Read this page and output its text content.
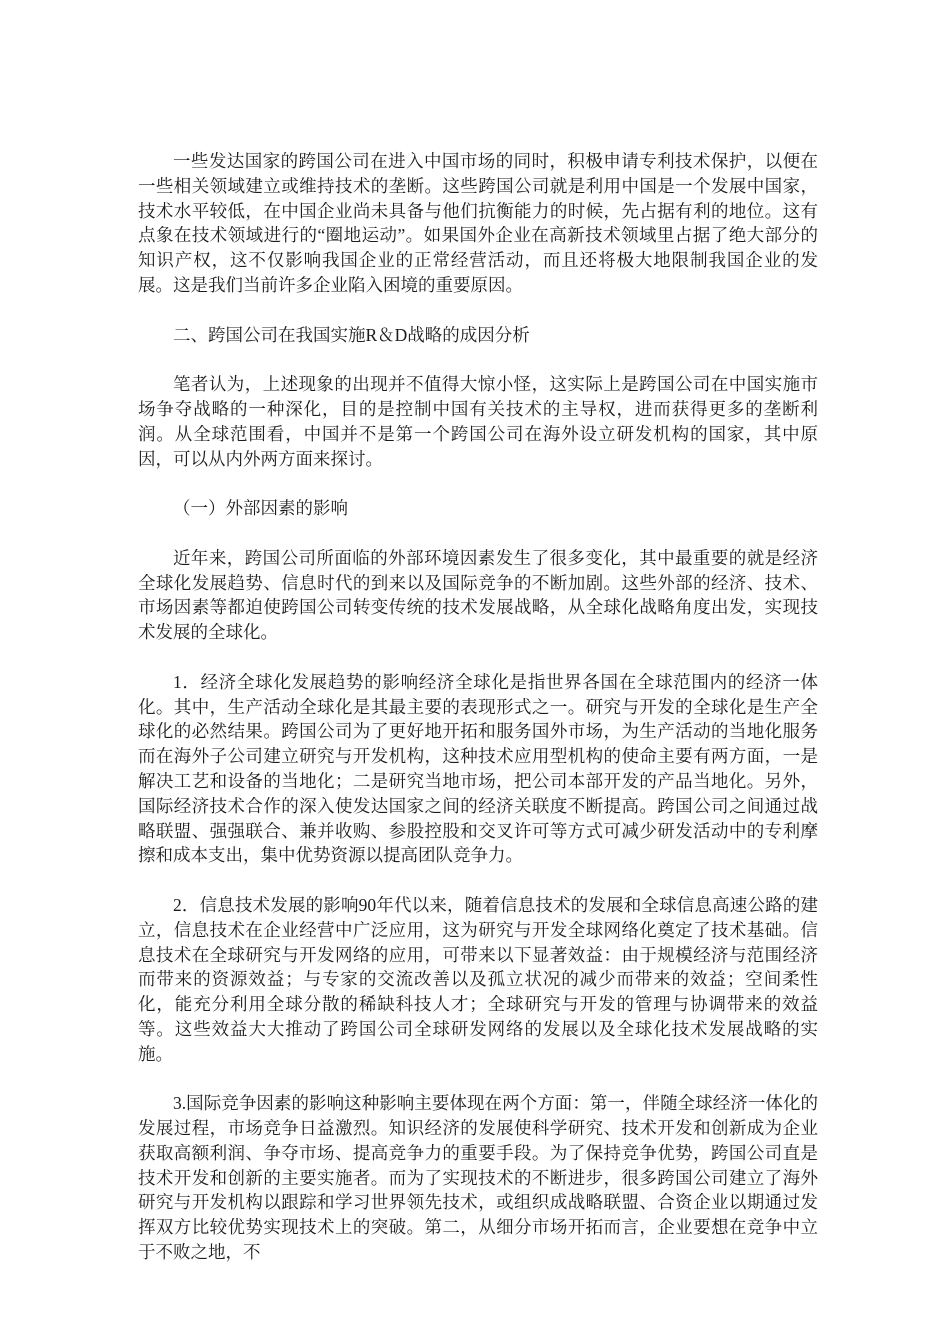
一些发达国家的跨国公司在进入中国市场的同时，积极申请专利技术保护，以便在一些相关领域建立或维持技术的垄断。这些跨国公司就是利用中国是一个发展中国家，技术水平较低，在中国企业尚未具备与他们抗衡能力的时候，先占据有利的地位。这有点象在技术领域进行的“圈地运动”。如果国外企业在高新技术领域里占据了绝大部分的知识产权，这不仅影响我国企业的正常经营活动，而且还将极大地限制我国企业的发展。这是我们当前许多企业陷入困境的重要原因。

二、跨国公司在我国实施R＆D战略的成因分析

笔者认为，上述现象的出现并不值得大惊小怪，这实际上是跨国公司在中国实施市场争夺战略的一种深化，目的是控制中国有关技术的主导权，进而获得更多的垄断利润。从全球范围看，中国并不是第一个跨国公司在海外设立研发机构的国家，其中原因，可以从内外两方面来探讨。

（一）外部因素的影响

近年来，跨国公司所面临的外部环境因素发生了很多变化，其中最重要的就是经济全球化发展趋势、信息时代的到来以及国际竞争的不断加剧。这些外部的经济、技术、市场因素等都迫使跨国公司转变传统的技术发展战略，从全球化战略角度出发，实现技术发展的全球化。

1．经济全球化发展趋势的影响经济全球化是指世界各国在全球范围内的经济一体化。其中，生产活动全球化是其最主要的表现形式之一。研究与开发的全球化是生产全球化的必然结果。跨国公司为了更好地开拓和服务国外市场，为生产活动的当地化服务而在海外子公司建立研究与开发机构，这种技术应用型机构的使命主要有两方面，一是解决工艺和设备的当地化；二是研究当地市场，把公司本部开发的产品当地化。另外，国际经济技术合作的深入使发达国家之间的经济关联度不断提高。跨国公司之间通过战略联盟、强强联合、兼并收购、参股控股和交叉许可等方式可减少研发活动中的专利摩擦和成本支出，集中优势资源以提高团队竞争力。

2．信息技术发展的影响90年代以来，随着信息技术的发展和全球信息高速公路的建立，信息技术在企业经营中广泛应用，这为研究与开发全球网络化奠定了技术基础。信息技术在全球研究与开发网络的应用，可带来以下显著效益：由于规模经济与范围经济而带来的资源效益；与专家的交流改善以及孤立状况的减少而带来的效益；空间柔性化，能充分利用全球分散的稀缺科技人才；全球研究与开发的管理与协调带来的效益等。这些效益大大推动了跨国公司全球研发网络的发展以及全球化技术发展战略的实施。

3.国际竞争因素的影响这种影响主要体现在两个方面：第一，伴随全球经济一体化的发展过程，市场竞争日益激烈。知识经济的发展使科学研究、技术开发和创新成为企业获取高额利润、争夺市场、提高竞争力的重要手段。为了保持竞争优势，跨国公司直是技术开发和创新的主要实施者。而为了实现技术的不断进步，很多跨国公司建立了海外研究与开发机构以跟踪和学习世界领先技术，或组织成战略联盟、合资企业以期通过发挥双方比较优势实现技术上的突破。第二，从细分市场开拓而言，企业要想在竞争中立于不败之地，不
